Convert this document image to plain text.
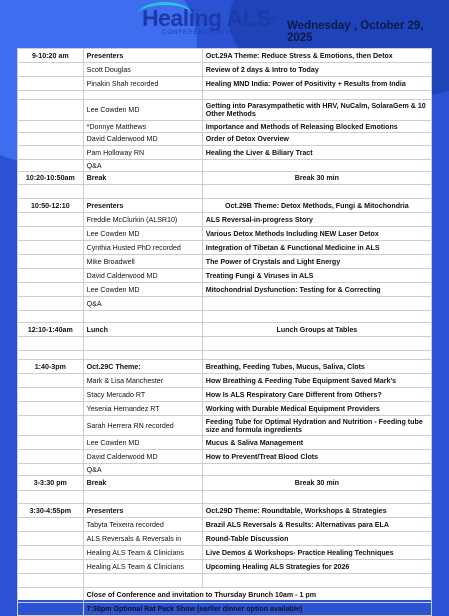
Healing ALS®
CONFERENCE 2025
Wednesday , October 29, 2025
9-10:20 am	Presenters	Oct.29A Theme: Reduce Stress & Emotions, then Detox
	Scott Douglas	Review of 2 days & Intro to Today
	Pinakin Shah recorded	Healing MND India: Power of Positivity + Results from India

	Lee Cowden MD	Getting into Parasympathetic with HRV, NuCalm, SolaraGem & 10 Other Methods
	*Donnye Matthews	Importance and Methods of Releasing Blocked Emotions
	David Calderwood MD	Order of Detox Overview
	Pam Holloway RN	Healing the Liver & Biliary Tract
	Q&A	
10:20-10:50am	Break	Break 30 min

10:50-12:10	Presenters	Oct.29B Theme: Detox Methods, Fungi & Mitochondria
	Freddie McClurkin (ALSR10)	ALS Reversal-in-progress Story
	Lee Cowden MD	Various Detox Methods Including NEW Laser Detox
	Cynthia Husted PhD recorded	Integration of Tibetan & Functional Medicine in ALS
	Mike Broadwell	The Power of Crystals and Light Energy
	David Calderwood MD	Treating Fungi & Viruses in ALS
	Lee Cowden MD	Mitochondrial Dysfunction: Testing for & Correcting
	Q&A	

12:10-1:40am	Lunch	Lunch Groups at Tables

1:40-3pm	Oct.29C Theme:	Breathing, Feeding Tubes, Mucus, Saliva, Clots
	Mark & Lisa Manchester	How Breathing & Feeding Tube Equipment Saved Mark's
	Stacy Mercado RT	How Is ALS Respiratory Care Different from Others?
	Yesenia Hernandez RT	Working with Durable Medical Equipment Providers
	Sarah Herrera RN recorded	Feeding Tube for Optimal Hydration and Nutrition - Feeding tube size and formula ingredients
	Lee Cowden MD	Mucus & Saliva Management
	David Calderwood MD	How to Prevent/Treat Blood Clots
	Q&A	
3-3:30 pm	Break	Break 30 min

3:30-4:55pm	Presenters	Oct.29D Theme: Roundtable, Workshops & Strategies
	Tabyta Teixeira recorded	Brazil ALS Reversals & Results: Alternativas para ELA
	ALS Reversals & Reversals in	Round-Table Discussion
	Healing ALS Team & Clinicians	Live Demos & Workshops- Practice Healing Techniques
	Healing ALS Team & Clinicians	Upcoming Healing ALS Strategies for 2026

	Close of Conference and invitation to Thursday Brunch 10am - 1 pm	
	7:30pm Optional Rat Pack Show (earlier dinner option available)	
